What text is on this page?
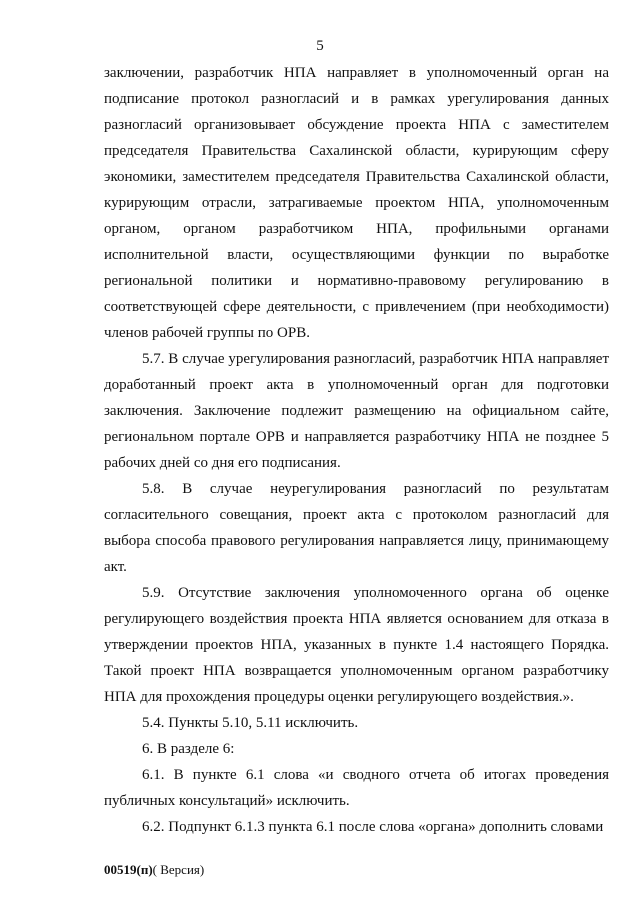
5

заключении, разработчик НПА направляет в уполномоченный орган на подписание протокол разногласий и в рамках урегулирования данных разногласий организовывает обсуждение проекта НПА с заместителем председателя Правительства Сахалинской области, курирующим сферу экономики, заместителем председателя Правительства Сахалинской области, курирующим отрасли, затрагиваемые проектом НПА, уполномоченным органом, органом разработчиком НПА, профильными органами исполнительной власти, осуществляющими функции по выработке региональной политики и нормативно-правовому регулированию в соответствующей сфере деятельности, с привлечением (при необходимости) членов рабочей группы по ОРВ.

5.7. В случае урегулирования разногласий, разработчик НПА направляет доработанный проект акта в уполномоченный орган для подготовки заключения. Заключение подлежит размещению на официальном сайте, региональном портале ОРВ и направляется разработчику НПА не позднее 5 рабочих дней со дня его подписания.

5.8. В случае неурегулирования разногласий по результатам согласительного совещания, проект акта с протоколом разногласий для выбора способа правового регулирования направляется лицу, принимающему акт.

5.9. Отсутствие заключения уполномоченного органа об оценке регулирующего воздействия проекта НПА является основанием для отказа в утверждении проектов НПА, указанных в пункте 1.4 настоящего Порядка. Такой проект НПА возвращается уполномоченным органом разработчику НПА для прохождения процедуры оценки регулирующего воздействия.».

5.4. Пункты 5.10, 5.11 исключить.

6. В разделе 6:

6.1. В пункте 6.1 слова «и сводного отчета об итогах проведения публичных консультаций» исключить.

6.2. Подпункт 6.1.3 пункта 6.1 после слова «органа» дополнить словами

00519(п)( Версия)
